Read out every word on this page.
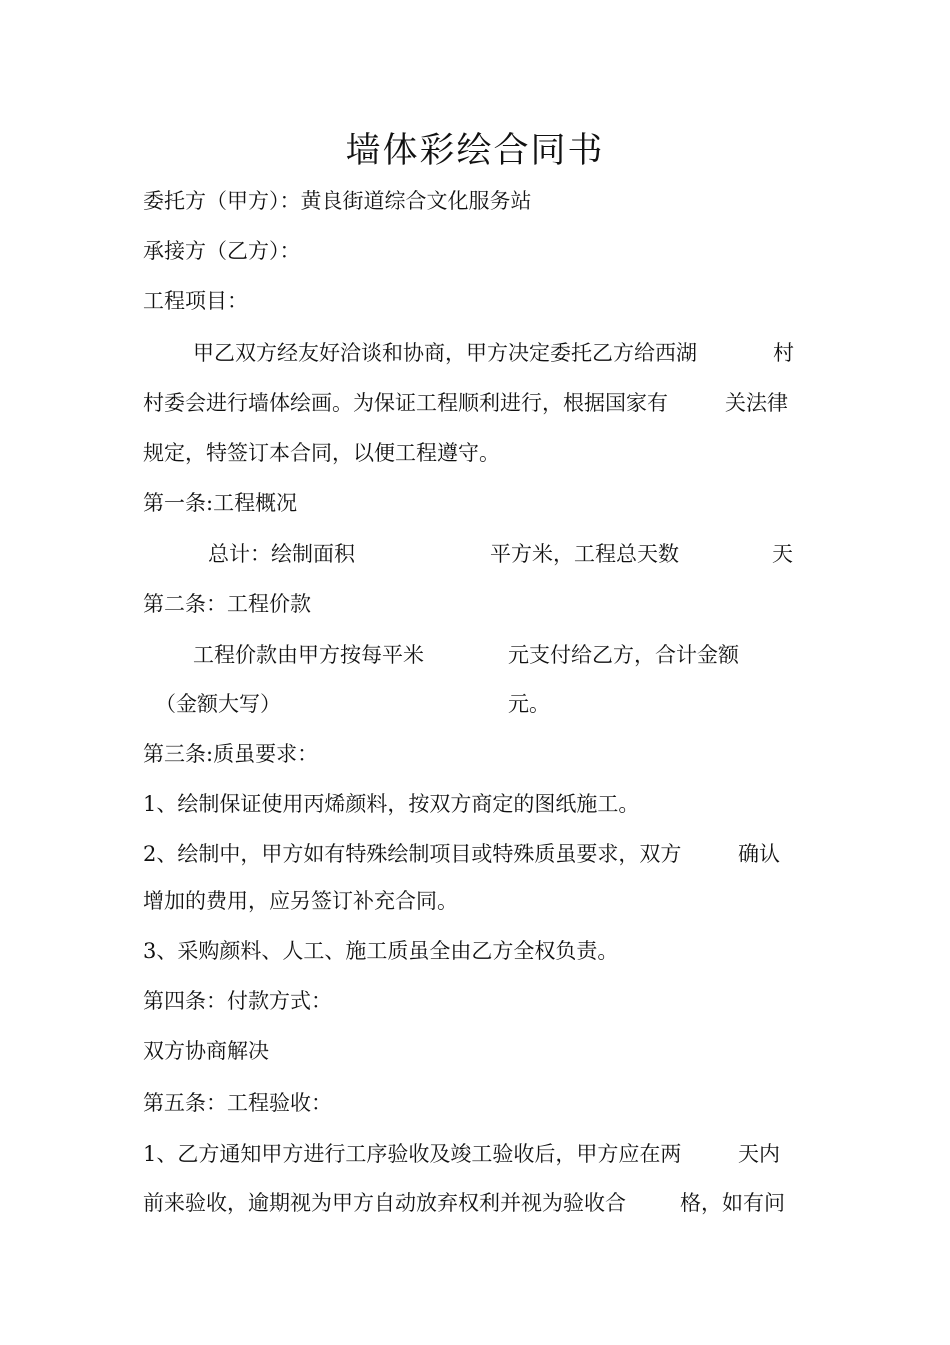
墙体彩绘合同书
委托方（甲方）：黄良街道综合文化服务站
承接方（乙方）：
工程项目：
甲乙双方经友好洽谈和协商，甲方决定委托乙方给西湖	村
村委会进行墙体绘画。为保证工程顺利进行，根据国家有	关法律
规定，特签订本合同，以便工程遵守。
第一条:工程概况
总计：绘制面积	平方米，工程总天数	天
第二条：工程价款
工程价款由甲方按每平米	元支付给乙方，合计金额
（金额大写）	元。
第三条:质虽要求：
1、绘制保证使用丙烯颜料，按双方商定的图纸施工。
2、绘制中，甲方如有特殊绘制项目或特殊质虽要求，双方	确认
增加的费用，应另签订补充合同。
3、采购颜料、人工、施工质虽全由乙方全权负责。
第四条：付款方式：
双方协商解决
第五条：工程验收：
1、乙方通知甲方进行工序验收及竣工验收后，甲方应在两	天内
前来验收，逾期视为甲方自动放弃权利并视为验收合	格，如有问
